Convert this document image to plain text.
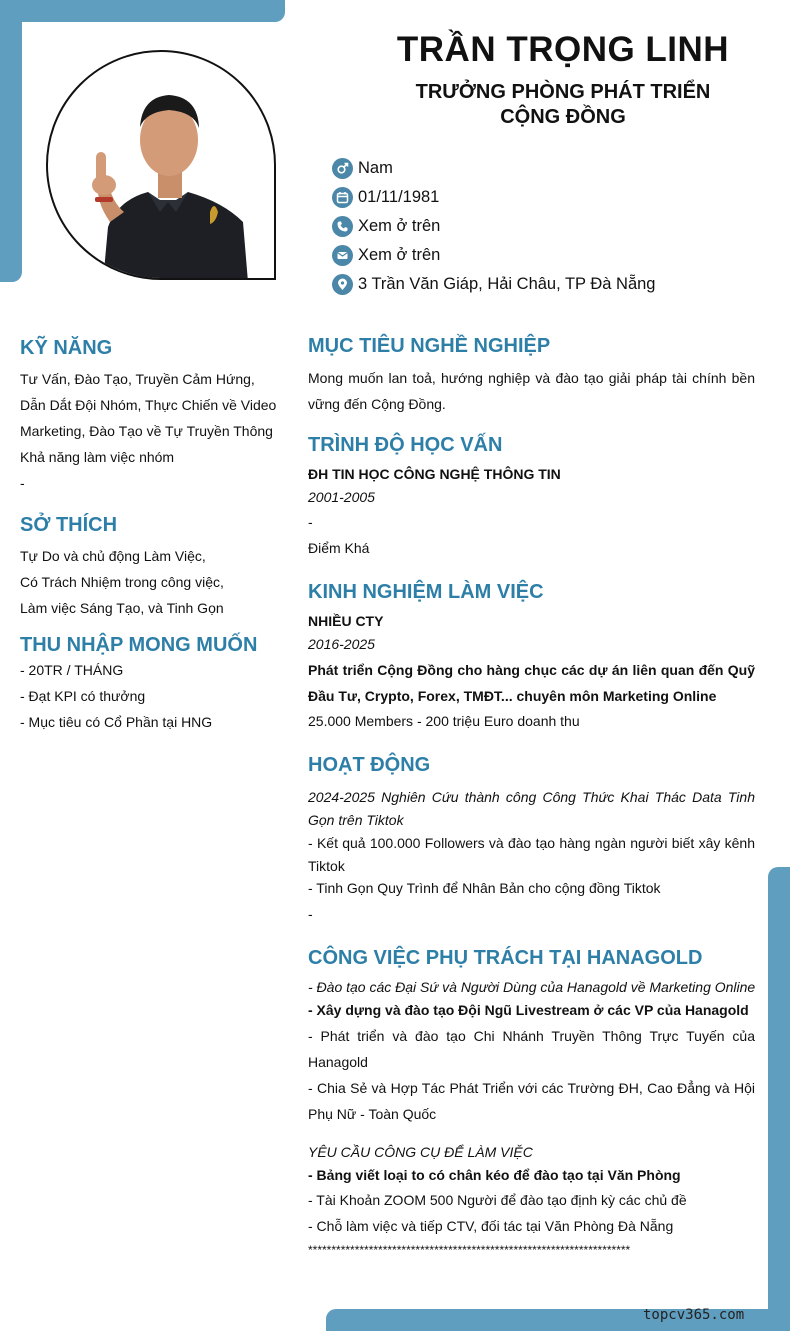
TRẦN TRỌNG LINH
TRƯỞNG PHÒNG PHÁT TRIỂN CỘNG ĐỒNG
Nam
01/11/1981
Xem ở trên
Xem ở trên
3 Trần Văn Giáp, Hải Châu, TP Đà Nẵng
KỸ NĂNG
Tư Vấn, Đào Tạo, Truyền Cảm Hứng,
Dẫn Dắt Đội Nhóm, Thực Chiến về Video
Marketing, Đào Tạo về Tự Truyền Thông
Khả năng làm việc nhóm
-
SỞ THÍCH
Tự Do và chủ động Làm Việc,
Có Trách Nhiệm trong công việc,
Làm việc Sáng Tạo, và Tinh Gọn
THU NHẬP MONG MUỐN
- 20TR / THÁNG
- Đạt KPI có thưởng
- Mục tiêu có Cổ Phần tại HNG
MỤC TIÊU NGHỀ NGHIỆP
Mong muốn lan toả, hướng nghiệp và đào tạo giải pháp tài chính bền vững đến Cộng Đồng.
TRÌNH ĐỘ HỌC VẤN
ĐH TIN HỌC CÔNG NGHỆ THÔNG TIN
2001-2005
-
Điểm Khá
KINH NGHIỆM LÀM VIỆC
NHIỀU CTY
2016-2025
Phát triển Cộng Đồng cho hàng chục các dự án liên quan đến Quỹ Đầu Tư, Crypto, Forex, TMĐT... chuyên môn Marketing Online
25.000 Members - 200 triệu Euro doanh thu
HOẠT ĐỘNG
2024-2025 Nghiên Cứu thành công Công Thức Khai Thác Data Tinh Gọn trên Tiktok
- Kết quả 100.000 Followers và đào tạo hàng ngàn người biết xây kênh Tiktok
- Tinh Gọn Quy Trình để Nhân Bản cho cộng đồng Tiktok
-
CÔNG VIỆC PHỤ TRÁCH TẠI HANAGOLD
- Đào tạo các Đại Sứ và Người Dùng của Hanagold về Marketing Online
- Xây dựng và đào tạo Đội Ngũ Livestream ở các VP của Hanagold
- Phát triển và đào tạo Chi Nhánh Truyền Thông Trực Tuyến của Hanagold
- Chia Sẻ và Hợp Tác Phát Triển với các Trường ĐH, Cao Đẳng và Hội Phụ Nữ - Toàn Quốc
YÊU CẦU CÔNG CỤ ĐỂ LÀM VIỆC
- Bảng viết loại to có chân kéo để đào tạo tại Văn Phòng
- Tài Khoản ZOOM 500 Người để đào tạo định kỳ các chủ đề
- Chỗ làm việc và tiếp CTV, đối tác tại Văn Phòng Đà Nẵng
*********************************************************************
topcv365.com
